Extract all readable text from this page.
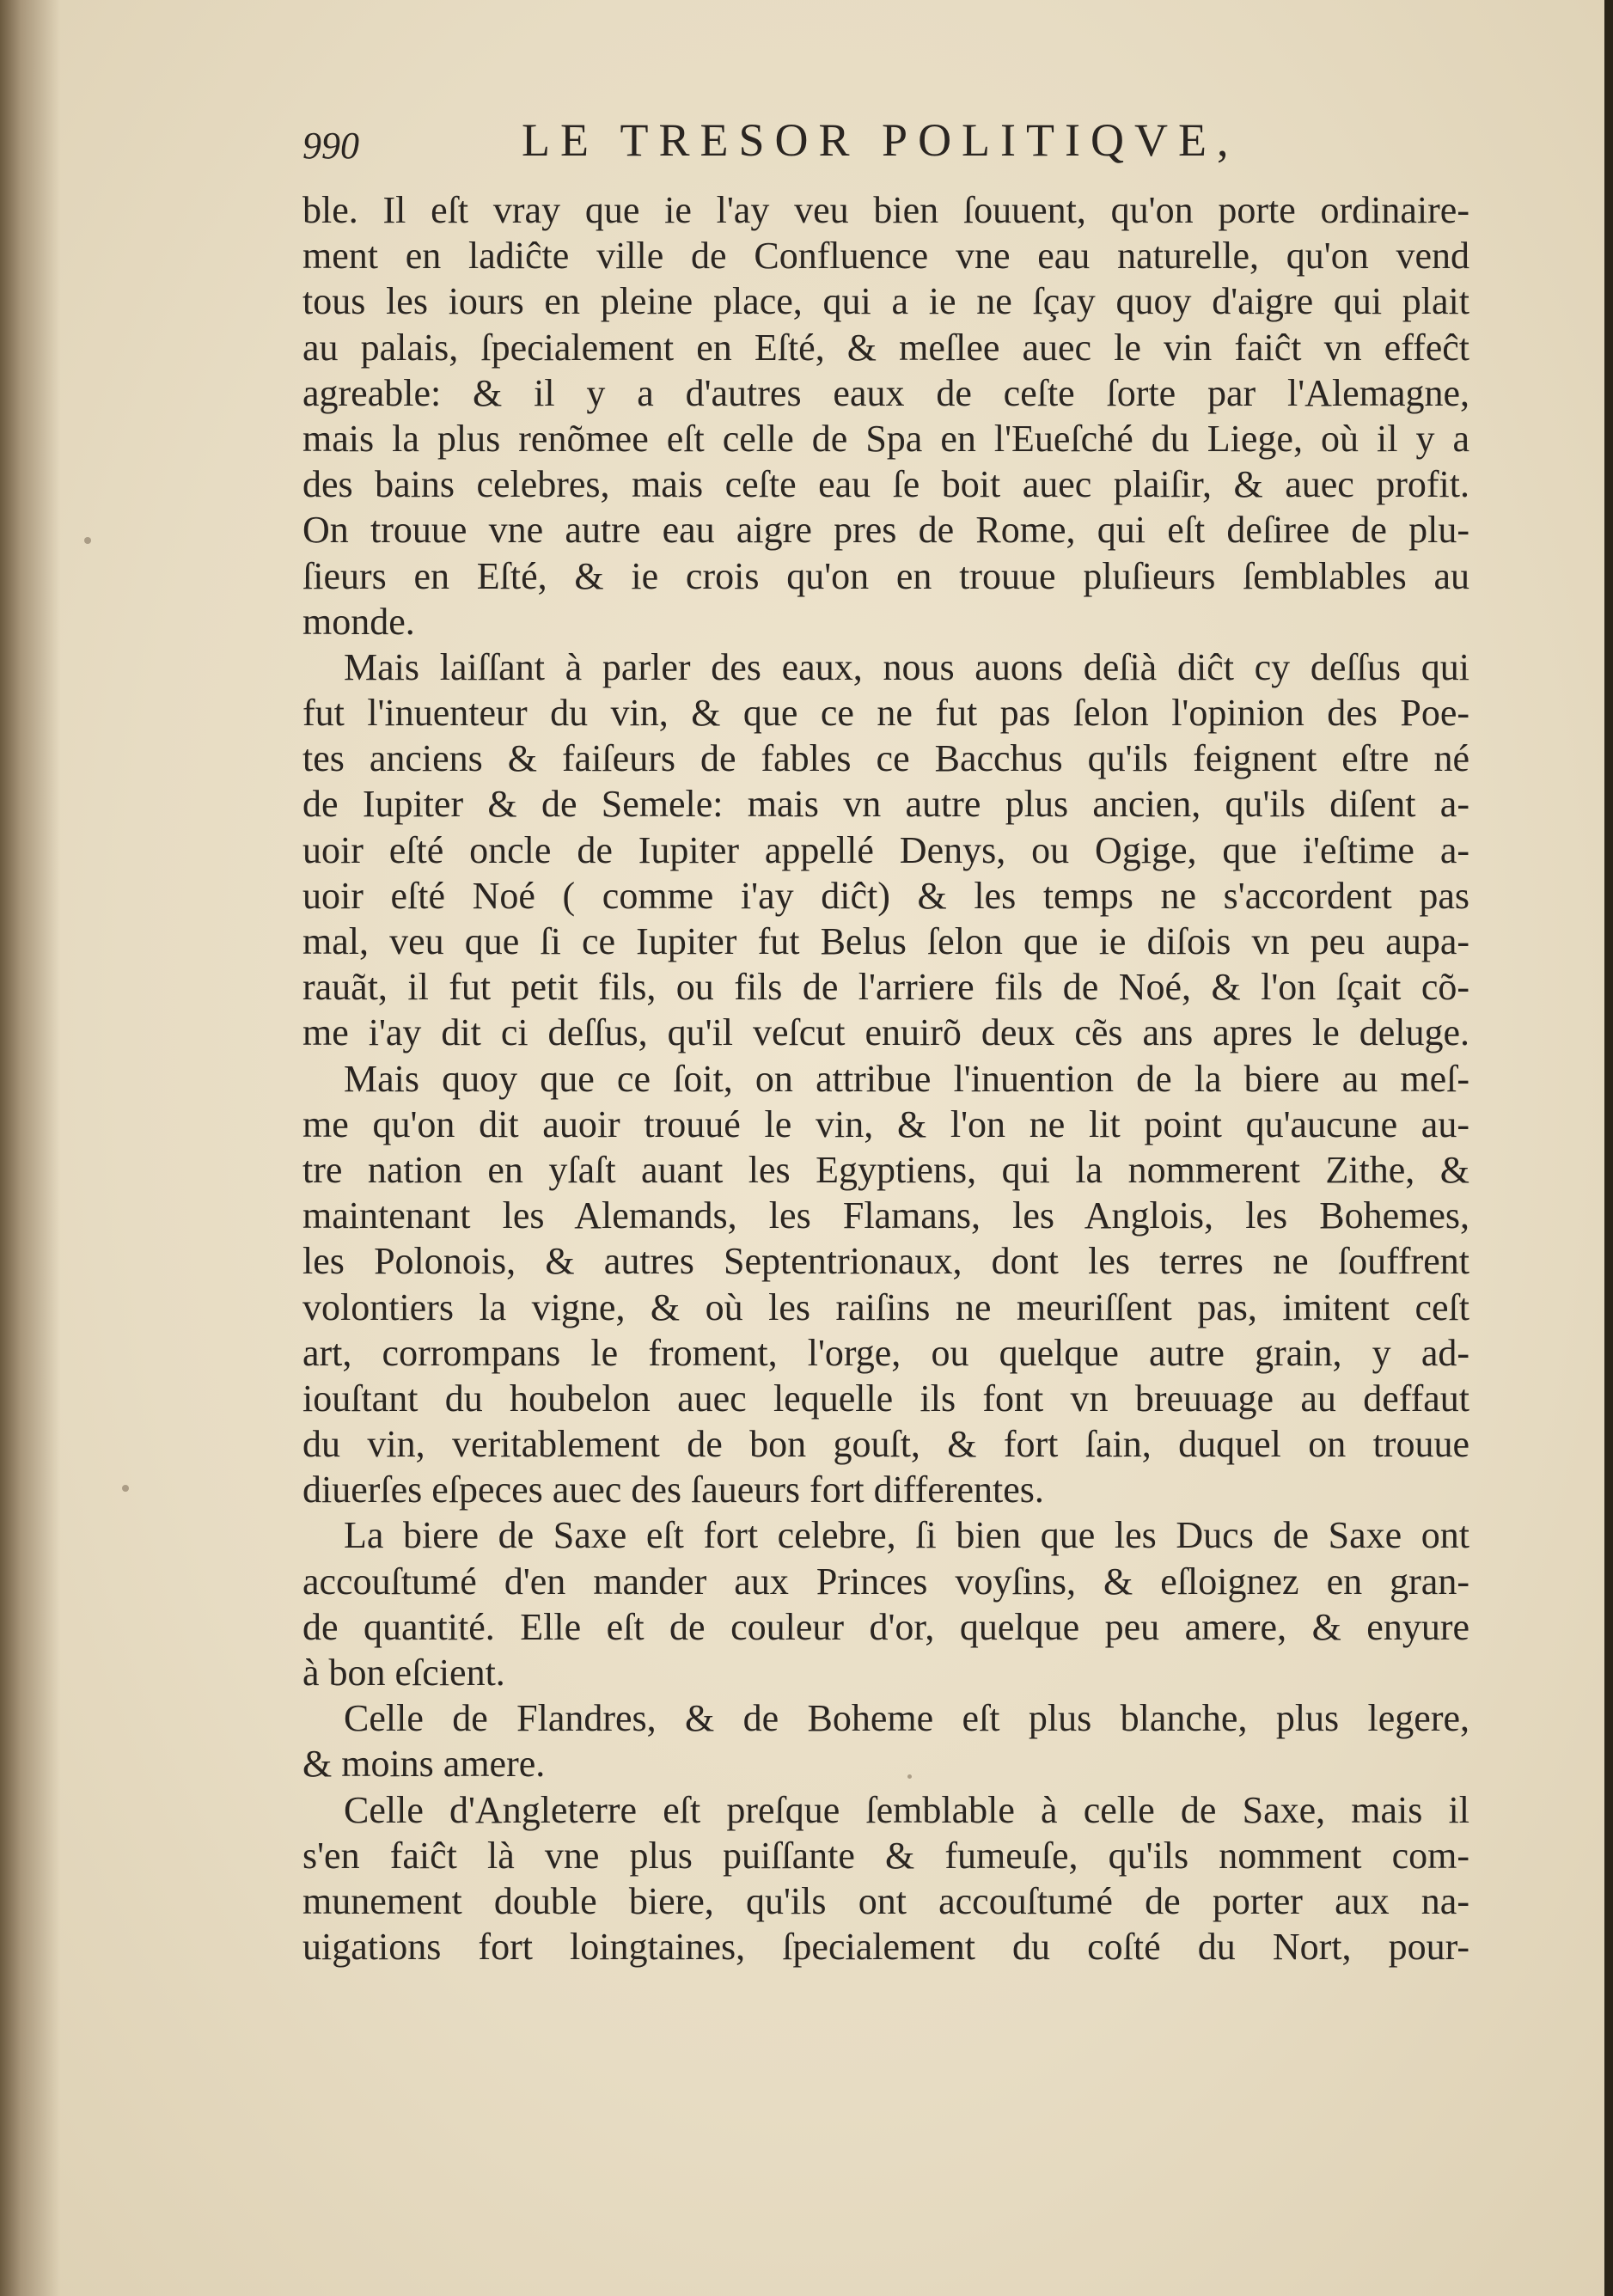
990	LE TRESOR POLITIQVE,
ble. Il eſt vray que ie l'ay veu bien ſouuent, qu'on porte ordinaire-
ment en ladiĉte ville de Confluence vne eau naturelle, qu'on vend
tous les iours en pleine place, qui a ie ne ſçay quoy d'aigre qui plait
au palais, ſpecialement en Eſté, & meſlee auec le vin faiĉt vn effeĉt
agreable: & il y a d'autres eaux de ceſte ſorte par l'Alemagne,
mais la plus renõmee eſt celle de Spa en l'Eueſché du Liege, où il y a
des bains celebres, mais ceſte eau ſe boit auec plaiſir, & auec profit.
On trouue vne autre eau aigre pres de Rome, qui eſt deſiree de plu-
ſieurs en Eſté, & ie crois qu'on en trouue pluſieurs ſemblables au
monde.
Mais laiſſant à parler des eaux, nous auons deſià diĉt cy deſſus qui
fut l'inuenteur du vin, & que ce ne fut pas ſelon l'opinion des Poe-
tes anciens & faiſeurs de fables ce Bacchus qu'ils feignent eſtre né
de Iupiter & de Semele: mais vn autre plus ancien, qu'ils diſent a-
uoir eſté oncle de Iupiter appellé Denys, ou Ogige, que i'eſtime a-
uoir eſté Noé ( comme i'ay diĉt) & les temps ne s'accordent pas
mal, veu que ſi ce Iupiter fut Belus ſelon que ie diſois vn peu aupa-
rauãt, il fut petit fils, ou fils de l'arriere fils de Noé, & l'on ſçait cõ-
me i'ay dit ci deſſus, qu'il veſcut enuirõ deux cẽs ans apres le deluge.
Mais quoy que ce ſoit, on attribue l'inuention de la biere au meſ-
me qu'on dit auoir trouué le vin, & l'on ne lit point qu'aucune au-
tre nation en yſaſt auant les Egyptiens, qui la nommerent Zithe, &
maintenant les Alemands, les Flamans, les Anglois, les Bohemes,
les Polonois, & autres Septentrionaux, dont les terres ne ſouffrent
volontiers la vigne, & où les raiſins ne meuriſſent pas, imitent ceſt
art, corrompans le froment, l'orge, ou quelque autre grain, y ad-
iouſtant du houbelon auec lequelle ils font vn breuuage au deffaut
du vin, veritablement de bon gouſt, & fort ſain, duquel on trouue
diuerſes eſpeces auec des ſaueurs fort differentes.
La biere de Saxe eſt fort celebre, ſi bien que les Ducs de Saxe ont
accouſtumé d'en mander aux Princes voyſins, & eſloignez en gran-
de quantité. Elle eſt de couleur d'or, quelque peu amere, & enyure
à bon eſcient.
Celle de Flandres, & de Boheme eſt plus blanche, plus legere,
& moins amere.
Celle d'Angleterre eſt preſque ſemblable à celle de Saxe, mais il
s'en faiĉt là vne plus puiſſante & fumeuſe, qu'ils nomment com-
munement double biere, qu'ils ont accouſtumé de porter aux na-
uigations fort loingtaines, ſpecialement du coſté du Nort, pour-
